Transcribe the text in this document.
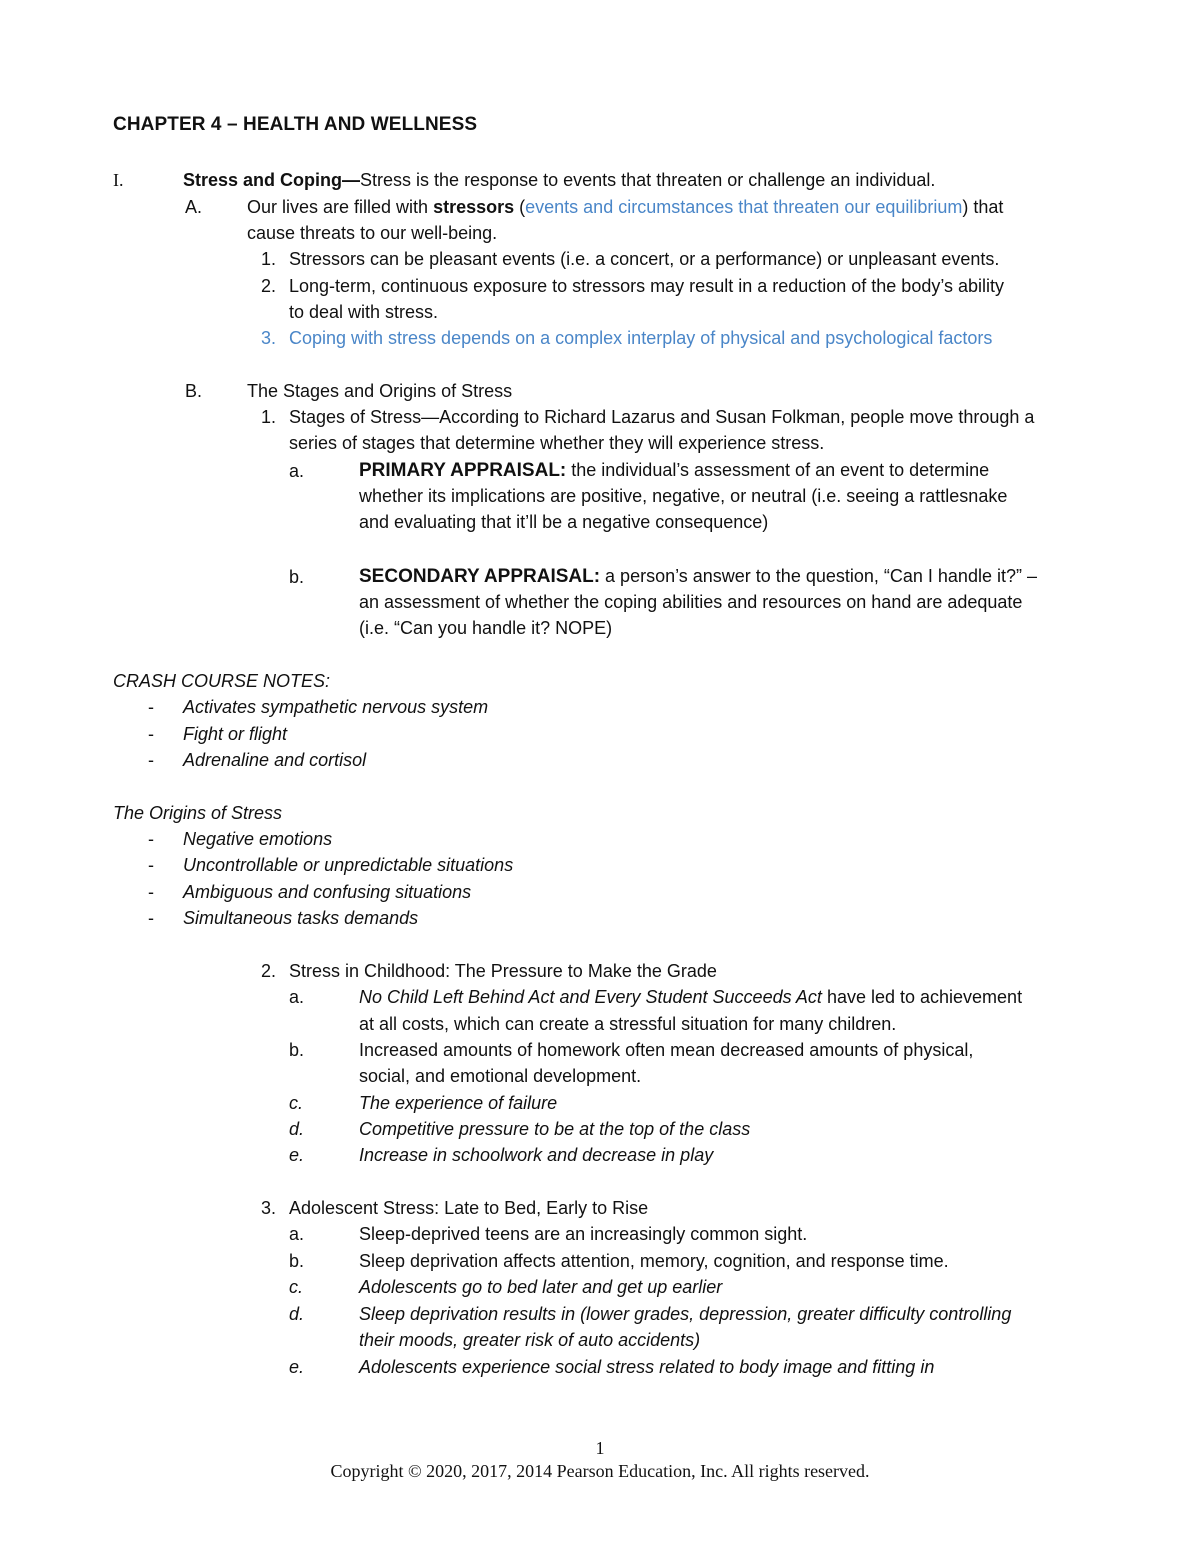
CHAPTER 4 – HEALTH AND WELLNESS
I.	Stress and Coping—Stress is the response to events that threaten or challenge an individual.
A. Our lives are filled with stressors (events and circumstances that threaten our equilibrium) that
cause threats to our well-being.
1. Stressors can be pleasant events (i.e. a concert, or a performance) or unpleasant events.
2. Long-term, continuous exposure to stressors may result in a reduction of the body’s ability
to deal with stress.
3. Coping with stress depends on a complex interplay of physical and psychological factors
B. The Stages and Origins of Stress
1. Stages of Stress—According to Richard Lazarus and Susan Folkman, people move through a
series of stages that determine whether they will experience stress.
a.	PRIMARY APPRAISAL: the individual’s assessment of an event to determine
whether its implications are positive, negative, or neutral (i.e. seeing a rattlesnake
and evaluating that it’ll be a negative consequence)
b.	SECONDARY APPRAISAL: a person’s answer to the question, “Can I handle it?” –
an assessment of whether the coping abilities and resources on hand are adequate
(i.e. “Can you handle it? NOPE)
CRASH COURSE NOTES:
- Activates sympathetic nervous system
- Fight or flight
- Adrenaline and cortisol
The Origins of Stress
- Negative emotions
- Uncontrollable or unpredictable situations
- Ambiguous and confusing situations
- Simultaneous tasks demands
2. Stress in Childhood: The Pressure to Make the Grade
a.	No Child Left Behind Act and Every Student Succeeds Act have led to achievement
at all costs, which can create a stressful situation for many children.
b.	Increased amounts of homework often mean decreased amounts of physical,
social, and emotional development.
c.	The experience of failure
d.	Competitive pressure to be at the top of the class
e.	Increase in schoolwork and decrease in play
3. Adolescent Stress: Late to Bed, Early to Rise
a.	Sleep-deprived teens are an increasingly common sight.
b.	Sleep deprivation affects attention, memory, cognition, and response time.
c.	Adolescents go to bed later and get up earlier
d.	Sleep deprivation results in (lower grades, depression, greater difficulty controlling
their moods, greater risk of auto accidents)
e.	Adolescents experience social stress related to body image and fitting in
1
Copyright © 2020, 2017, 2014 Pearson Education, Inc. All rights reserved.
